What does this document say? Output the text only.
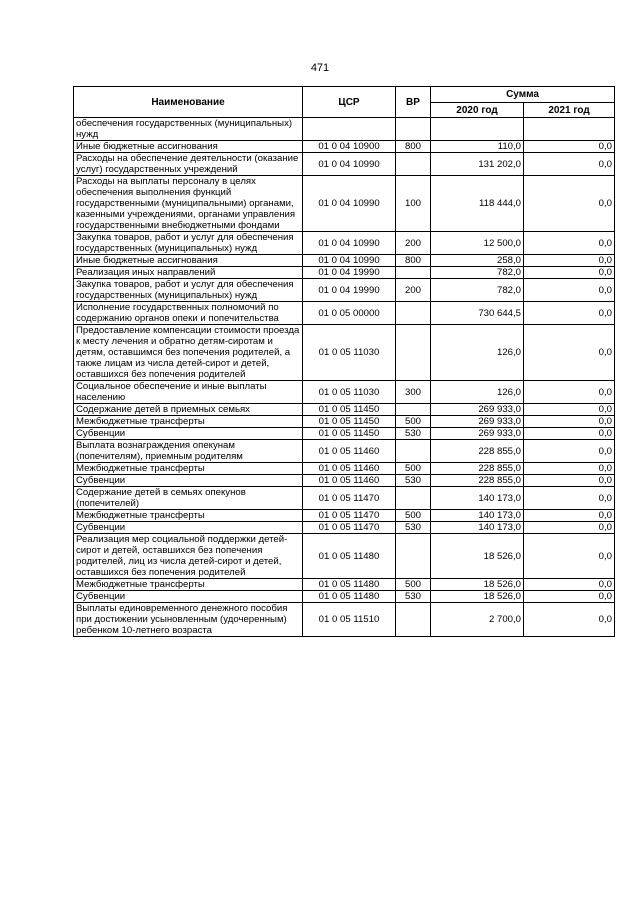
471
Наименование	ЦСР	ВР	Сумма	
			2020 год	2021 год
обеспечения государственных (муниципальных) нужд				
Иные бюджетные ассигнования	01 0 04 10900	800	110,0	0,0
Расходы на обеспечение деятельности (оказание услуг) государственных учреждений	01 0 04 10990		131 202,0	0,0
Расходы на выплаты персоналу в целях обеспечения выполнения функций государственными (муниципальными) органами, казенными учреждениями, органами управления государственными внебюджетными фондами	01 0 04 10990	100	118 444,0	0,0
Закупка товаров, работ и услуг для обеспечения государственных (муниципальных) нужд	01 0 04 10990	200	12 500,0	0,0
Иные бюджетные ассигнования	01 0 04 10990	800	258,0	0,0
Реализация иных направлений	01 0 04 19990		782,0	0,0
Закупка товаров, работ и услуг для обеспечения государственных (муниципальных) нужд	01 0 04 19990	200	782,0	0,0
Исполнение государственных полномочий по содержанию органов опеки и попечительства	01 0 05 00000		730 644,5	0,0
Предоставление компенсации стоимости проезда к месту лечения и обратно детям-сиротам и детям, оставшимся без попечения родителей, а также лицам из числа детей-сирот и детей, оставшихся без попечения родителей	01 0 05 11030		126,0	0,0
Социальное обеспечение и иные выплаты населению	01 0 05 11030	300	126,0	0,0
Содержание детей в приемных семьях	01 0 05 11450		269 933,0	0,0
Межбюджетные трансферты	01 0 05 11450	500	269 933,0	0,0
Субвенции	01 0 05 11450	530	269 933,0	0,0
Выплата вознаграждения опекунам (попечителям), приемным родителям	01 0 05 11460		228 855,0	0,0
Межбюджетные трансферты	01 0 05 11460	500	228 855,0	0,0
Субвенции	01 0 05 11460	530	228 855,0	0,0
Содержание детей в семьях опекунов (попечителей)	01 0 05 11470		140 173,0	0,0
Межбюджетные трансферты	01 0 05 11470	500	140 173,0	0,0
Субвенции	01 0 05 11470	530	140 173,0	0,0
Реализация мер социальной поддержки детей-сирот и детей, оставшихся без попечения родителей, лиц из числа детей-сирот и детей, оставшихся без попечения родителей	01 0 05 11480		18 526,0	0,0
Межбюджетные трансферты	01 0 05 11480	500	18 526,0	0,0
Субвенции	01 0 05 11480	530	18 526,0	0,0
Выплаты единовременного денежного пособия при достижении усыновленным (удочеренным) ребенком 10-летнего возраста	01 0 05 11510		2 700,0	0,0
